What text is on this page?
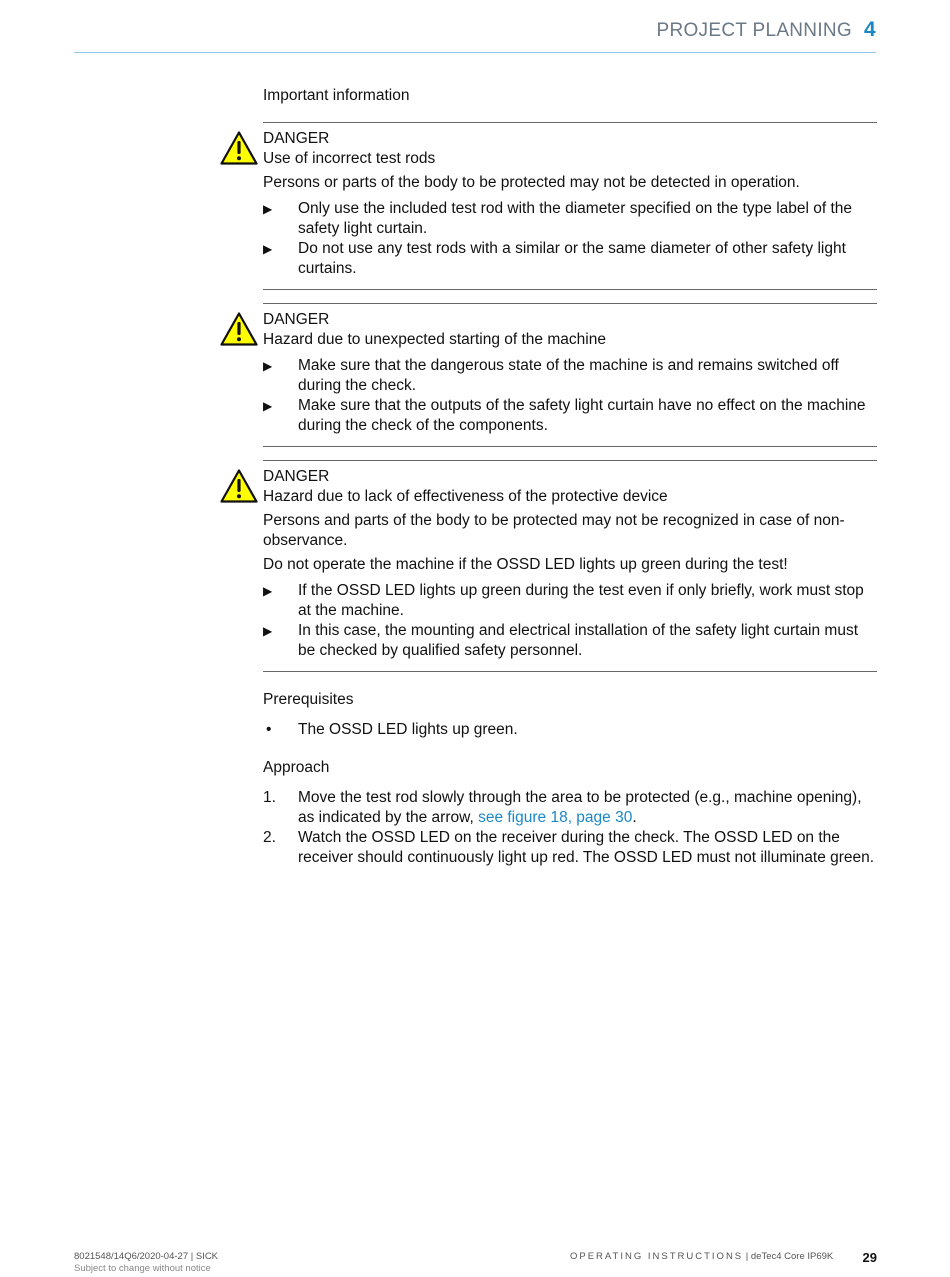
PROJECT PLANNING 4
Important information
DANGER
Use of incorrect test rods
Persons or parts of the body to be protected may not be detected in operation.
▶ Only use the included test rod with the diameter specified on the type label of the safety light curtain.
▶ Do not use any test rods with a similar or the same diameter of other safety light curtains.
DANGER
Hazard due to unexpected starting of the machine
▶ Make sure that the dangerous state of the machine is and remains switched off during the check.
▶ Make sure that the outputs of the safety light curtain have no effect on the machine during the check of the components.
DANGER
Hazard due to lack of effectiveness of the protective device
Persons and parts of the body to be protected may not be recognized in case of non-observance.
Do not operate the machine if the OSSD LED lights up green during the test!
▶ If the OSSD LED lights up green during the test even if only briefly, work must stop at the machine.
▶ In this case, the mounting and electrical installation of the safety light curtain must be checked by qualified safety personnel.
Prerequisites
• The OSSD LED lights up green.
Approach
1. Move the test rod slowly through the area to be protected (e.g., machine opening), as indicated by the arrow, see figure 18, page 30.
2. Watch the OSSD LED on the receiver during the check. The OSSD LED on the receiver should continuously light up red. The OSSD LED must not illuminate green.
8021548/14Q6/2020-04-27 | SICK
Subject to change without notice
OPERATING INSTRUCTIONS | deTec4 Core IP69K 29
